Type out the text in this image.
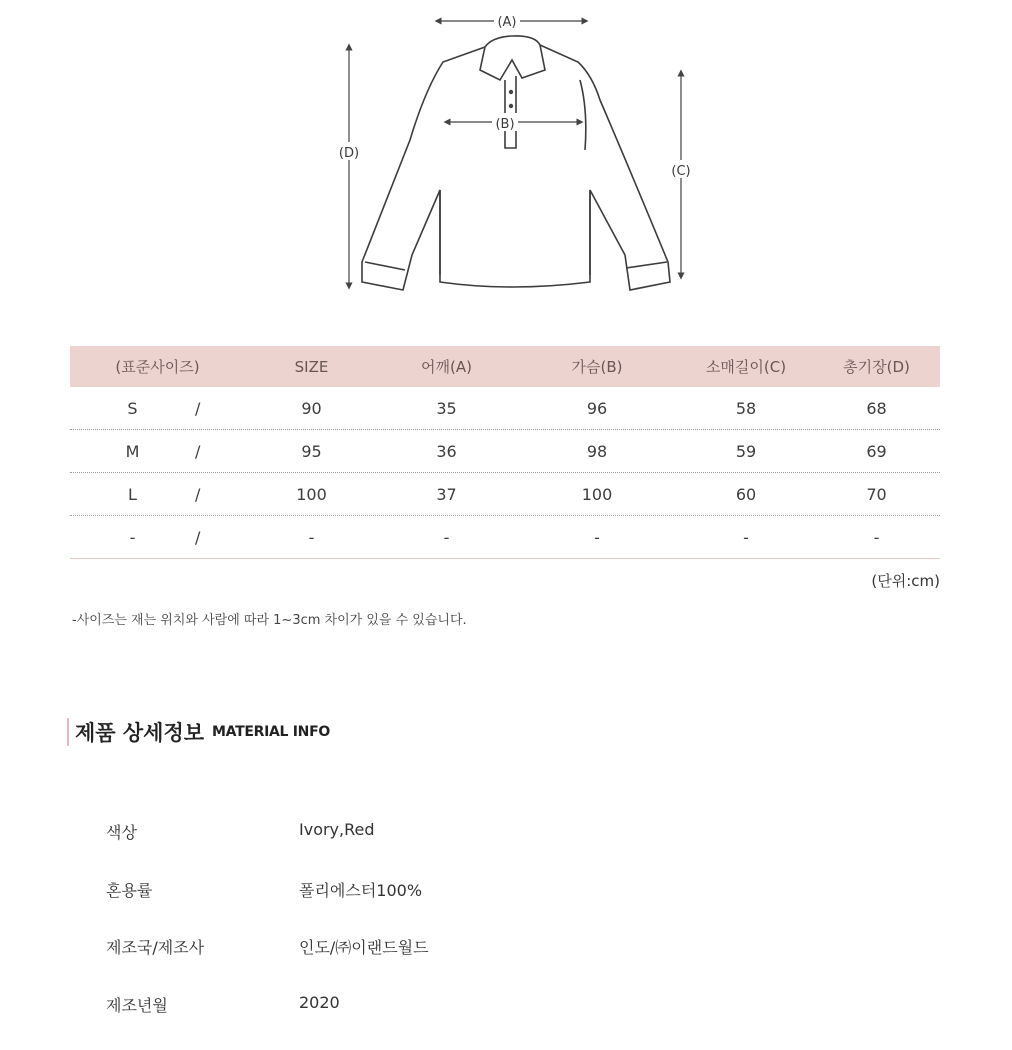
(A)
(B)
(D)
(C)
(표준사이즈)	SIZE	어깨(A)	가슴(B)	소매길이(C)	총기장(D)
S	/	90	35	96	58	68
M	/	95	36	98	59	69
L	/	100	37	100	60	70
-	/	-	-	-	-	-
(단위:cm)
-사이즈는 재는 위치와 사람에 따라 1~3cm 차이가 있을 수 있습니다.
제품 상세정보 MATERIAL INFO
색상	Ivory,Red
혼용률	폴리에스터100%
제조국/제조사	인도/㈜이랜드월드
제조년월	2020
